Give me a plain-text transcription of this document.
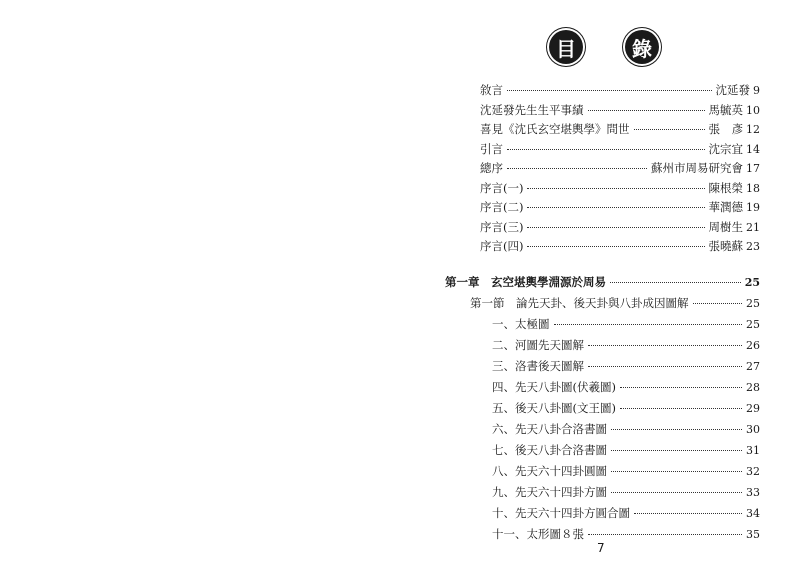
目	錄
敘言	沈延發 9
沈延發先生生平事績	馬毓英 10
喜見《沈氏玄空堪輿學》問世	張　彥 12
引言	沈宗宜 14
總序	蘇州市周易研究會 17
序言(一)	陳根榮 18
序言(二)	華潤德 19
序言(三)	周樹生 21
序言(四)	張曉蘇 23
第一章　玄空堪輿學淵源於周易	25
第一節　論先天卦、後天卦與八卦成因圖解	25
一、 太極圖	25
二、 河圖先天圖解	26
三、 洛書後天圖解	27
四、 先天八卦圖(伏羲圖)	28
五、 後天八卦圖(文王圖)	29
六、 先天八卦合洛書圖	30
七、 後天八卦合洛書圖	31
八、 先天六十四卦圓圖	32
九、 先天六十四卦方圖	33
十、 先天六十四卦方圓合圖	34
十一、 太形圖８張	35
7
